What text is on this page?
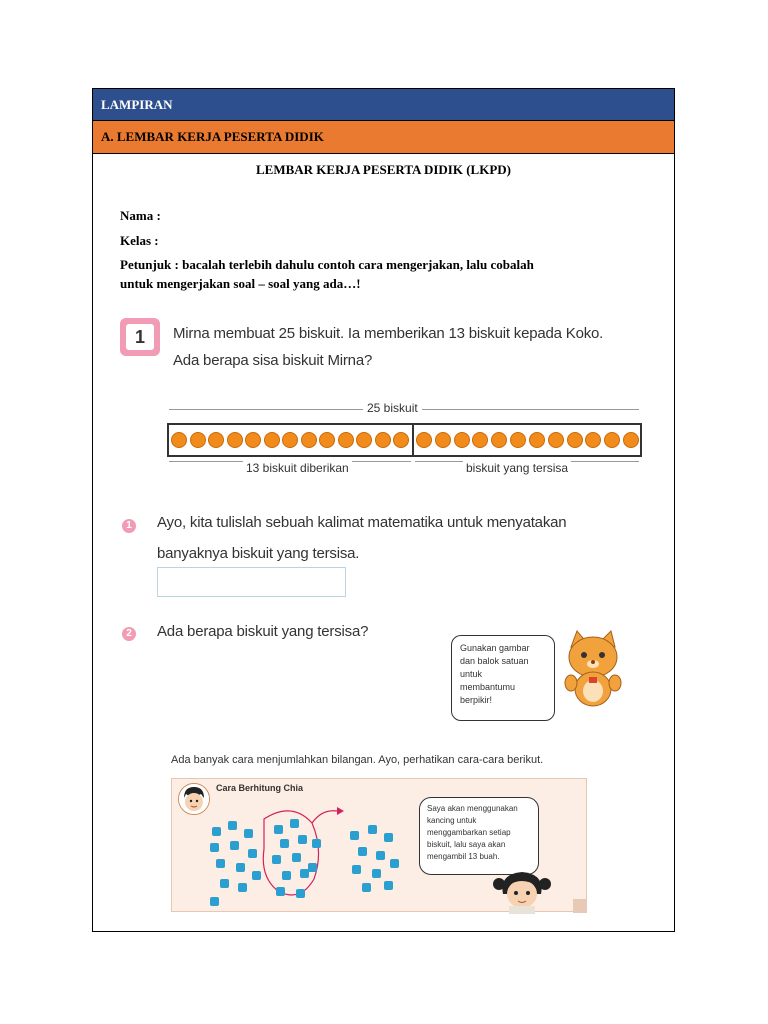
LAMPIRAN
A. LEMBAR KERJA PESERTA DIDIK
LEMBAR KERJA PESERTA DIDIK (LKPD)
Nama :
Kelas :
Petunjuk : bacalah terlebih dahulu contoh cara mengerjakan, lalu cobalah
untuk mengerjakan soal – soal yang ada…!
1	Mirna membuat 25 biskuit. Ia memberikan 13 biskuit kepada Koko.
Ada berapa sisa biskuit Mirna?
25 biskuit
13 biskuit diberikan	biskuit yang tersisa
1 Ayo, kita tulislah sebuah kalimat matematika untuk menyatakan
banyaknya biskuit yang tersisa.
2 Ada berapa biskuit yang tersisa?
Gunakan gambar
dan balok satuan
untuk
membantumu
berpikir!
Ada banyak cara menjumlahkan bilangan. Ayo, perhatikan cara-cara berikut.
Cara Berhitung Chia
Saya akan menggunakan
kancing untuk
menggambarkan setiap
biskuit, lalu saya akan
mengambil 13 buah.
